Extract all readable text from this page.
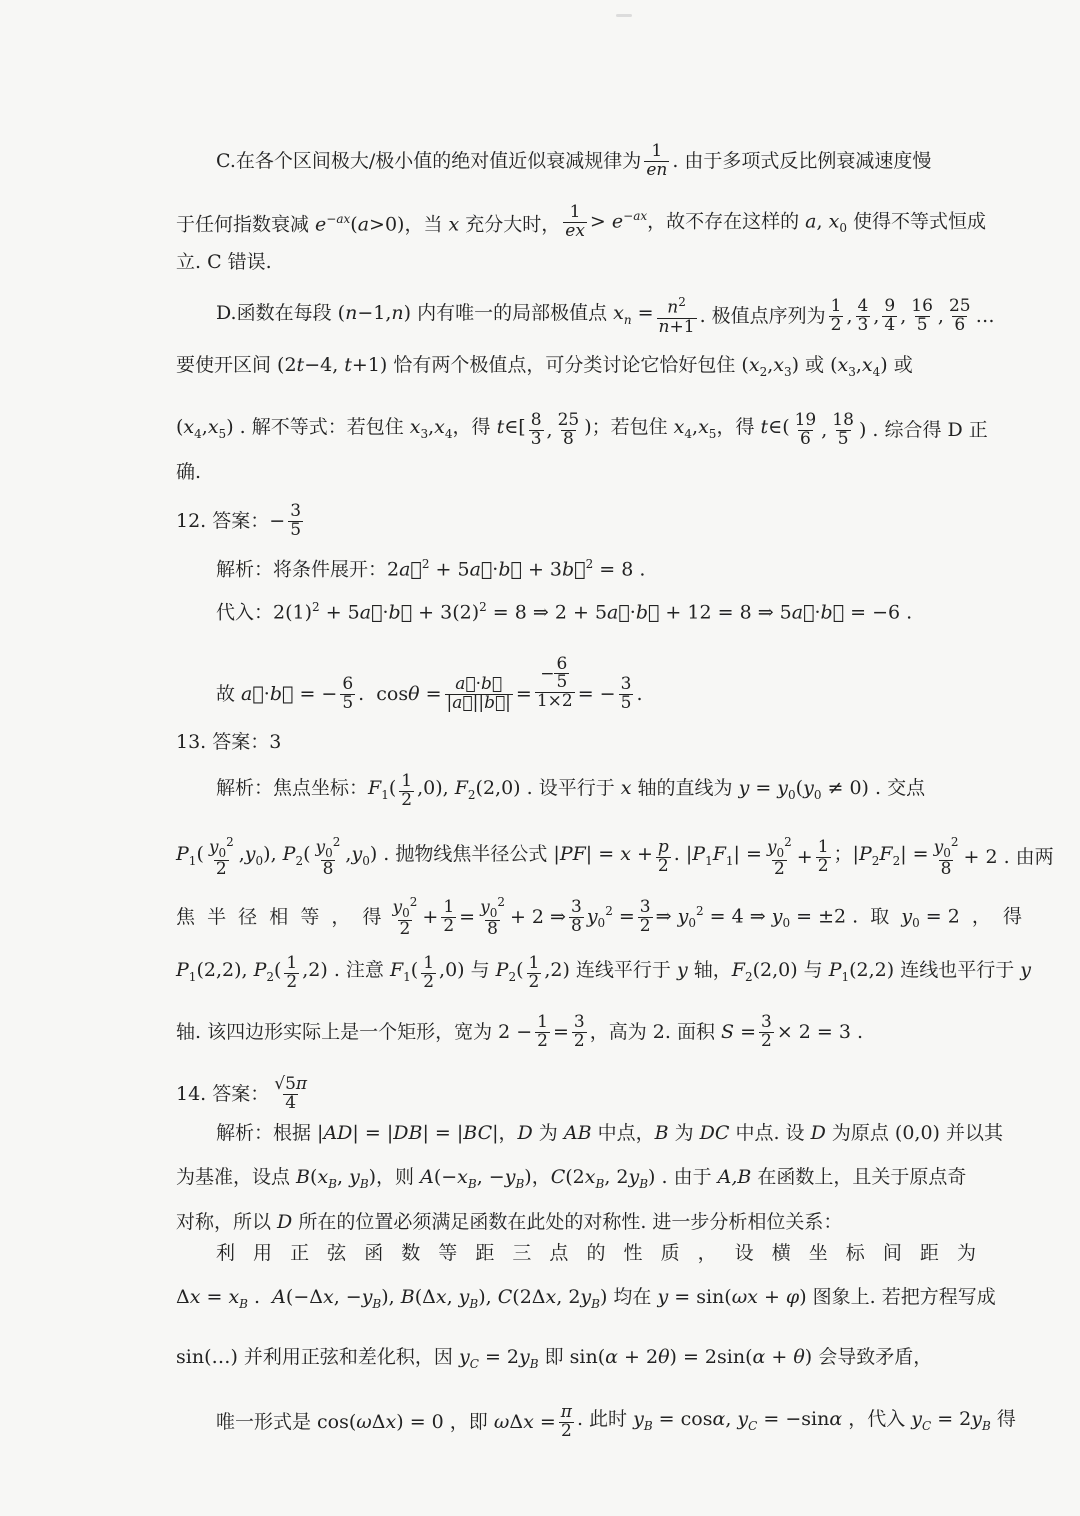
C.在各个区间极大/极小值的绝对值近似衰减规律为 $\frac{1}{en}$ . 由于多项式反比例衰减速度慢
于任何指数衰减 $e^{-ax}(a>0)$，当 x 充分大时， $\frac{1}{ex} > e^{-ax}$，故不存在这样的 a, $x_0$ 使得不等式恒成
立. C 错误.
D.函数在每段 (n−1,n) 内有唯一的局部极值点 $x_n = \frac{n^2}{n+1}$ . 极值点序列为 $\frac{1}{2}$ , $\frac{4}{3}$ , $\frac{9}{4}$ , $\frac{16}{5}$ , $\frac{25}{6}$ …
要使开区间 (2t−4, t+1) 恰有两个极值点，可分类讨论它恰好包住 $(x_2,x_3)$ 或 $(x_3,x_4)$ 或
$(x_4,x_5)$ . 解不等式：若包住 $x_3,x_4$，得 t∈[ $\frac{8}{3}$ , $\frac{25}{8}$ )；若包住 $x_4,x_5$，得 t∈( $\frac{19}{6}$ , $\frac{18}{5}$ ) . 综合得 D 正
确.
12. 答案：− $\frac{3}{5}$
解析：将条件展开：2a⃗$^2$ + 5a⃗·b⃗ + 3b⃗$^2$ = 8 .
代入：$2(1)^2$ + 5a⃗·b⃗ + $3(2)^2 = 8$ ⇒ 2 + 5a⃗·b⃗ + 12 = 8 ⇒ 5a⃗·b⃗ = −6 .
故 a⃗·b⃗ = − $\frac{6}{5}$ .  $\cos\theta = \frac{a⃗\cdot b⃗}{|a⃗||b⃗|} = \frac{- \frac{6}{5}}{1\times 2}$ = − $\frac{3}{5}$ .
13. 答案：3
解析：焦点坐标：$F_1( \frac{1}{2} ,0)$, $F_2(2,0)$ . 设平行于 x 轴的直线为 $y = y_0(y_0 \ne 0)$ . 交点
$P_1( \frac{y_0^2}{2} ,y_0)$, $P_2( \frac{y_0^2}{8} ,y_0)$ . 抛物线焦半径公式 $|PF| = x + \frac{p}{2}$ . $|P_1F_1| = \frac{y_0^2}{2} + \frac{1}{2}$ ；$|P_2F_2| = \frac{y_0^2}{8} + 2$ . 由两
焦  半  径  相  等  ，  得 $\frac{y_0^2}{2} + \frac{1}{2} = \frac{y_0^2}{8} + 2$ ⇒ $\frac{3}{8} y_0^2 = \frac{3}{2}$ ⇒ $y_0^2 = 4$ ⇒ $y_0 = \pm 2$ .  取  $y_0 = 2$  ，  得
$P_1(2,2)$, $P_2( \frac{1}{2} ,2)$ . 注意 $F_1( \frac{1}{2} ,0)$ 与 $P_2( \frac{1}{2} ,2)$ 连线平行于 y 轴，$F_2(2,0)$ 与 $P_1(2,2)$ 连线也平行于 y
轴. 该四边形实际上是一个矩形，宽为 $2 - \frac{1}{2} = \frac{3}{2}$ ，高为 2. 面积 $S = \frac{3}{2} \times 2 = 3$ .
14. 答案： $\frac{√5\pi}{4}$
解析：根据 |AD| = |DB| = |BC|，D 为 AB 中点，B 为 DC 中点. 设 D 为原点 (0,0) 并以其
为基准，设点 $B(x_B$, $y_B$)，则 $A(-x_B$, $-y_B$)，$C(2x_B$, $2y_B$) . 由于 A,B 在函数上，且关于原点奇
对称，所以 D 所在的位置必须满足函数在此处的对称性. 进一步分析相位关系：
利 用 正 弦 函 数 等 距 三 点 的 性 质 ， 设 横 坐 标 间 距 为
$\Delta x = x_B$ .  A(−Δx, $-y_B$), B(Δx, $y_B$), C(2Δx, $2y_B$) 均在 y = sin(ωx + φ) 图象上. 若把方程写成
sin(…) 并利用正弦和差化积，因 $y_C = 2y_B$ 即 sin(α + 2θ) = 2sin(α + θ) 会导致矛盾，
唯一形式是 cos(ωΔx) = 0 ，即 $\omega\Delta x = \frac{\pi}{2}$ . 此时 $y_B = \cos\alpha$, $y_C = -\sin\alpha$ ，代入 $y_C = 2y_B$ 得
